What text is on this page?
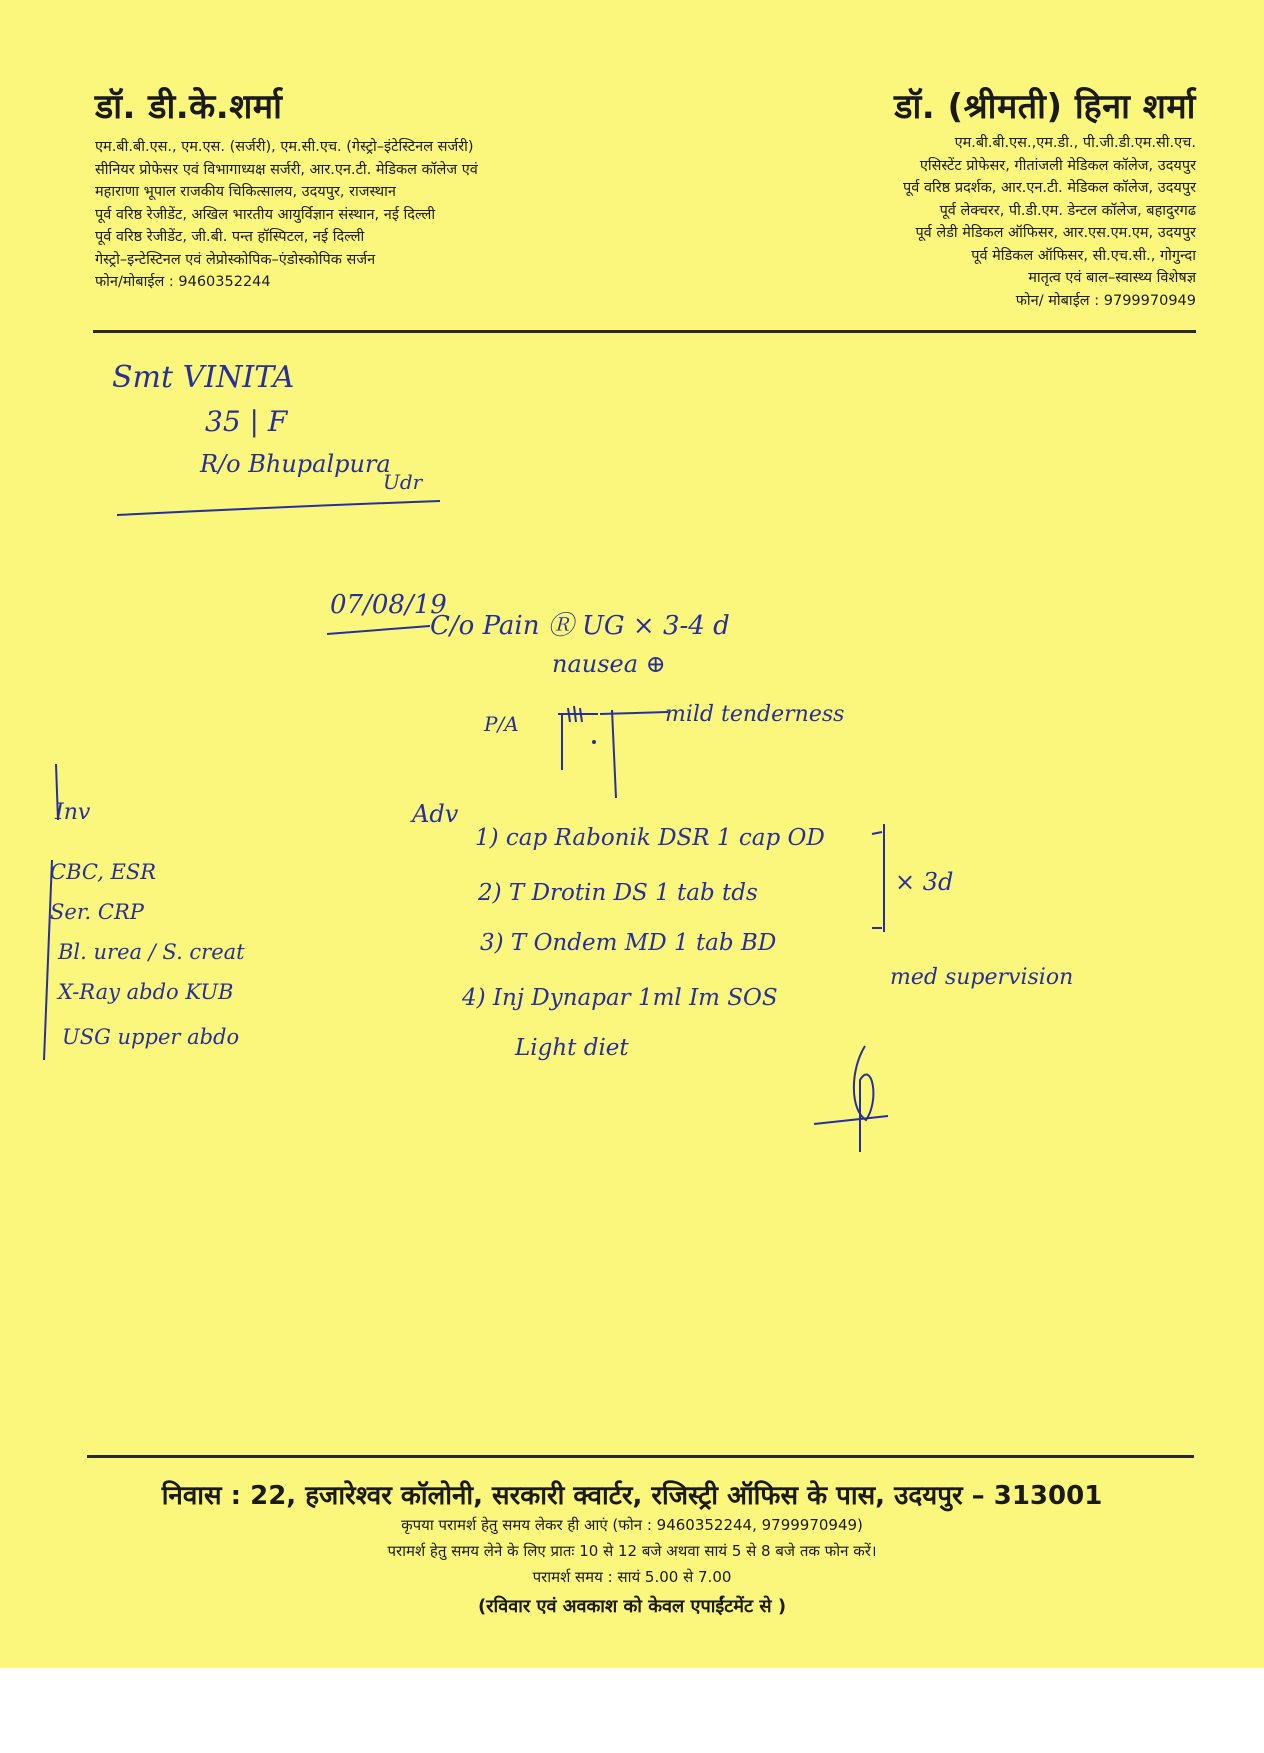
डॉ. डी.के.शर्मा
एम.बी.बी.एस., एम.एस. (सर्जरी), एम.सी.एच. (गेस्ट्रो–इंटेस्टिनल सर्जरी)
सीनियर प्रोफेसर एवं विभागाध्यक्ष सर्जरी, आर.एन.टी. मेडिकल कॉलेज एवं
महाराणा भूपाल राजकीय चिकित्सालय, उदयपुर, राजस्थान
पूर्व वरिष्ठ रेजीडेंट, अखिल भारतीय आयुर्विज्ञान संस्थान, नई दिल्ली
पूर्व वरिष्ठ रेजीडेंट, जी.बी. पन्त हॉस्पिटल, नई दिल्ली
गेस्ट्रो–इन्टेस्टिनल एवं लेप्रोस्कोपिक–एंडोस्कोपिक सर्जन
फोन/मोबाईल : 9460352244
डॉ. (श्रीमती) हिना शर्मा
एम.बी.बी.एस.,एम.डी., पी.जी.डी.एम.सी.एच.
एसिस्टेंट प्रोफेसर, गीतांजली मेडिकल कॉलेज, उदयपुर
पूर्व वरिष्ठ प्रदर्शक, आर.एन.टी. मेडिकल कॉलेज, उदयपुर
पूर्व लेक्चरर, पी.डी.एम. डेन्टल कॉलेज, बहादुरगढ
पूर्व लेडी मेडिकल ऑफिसर, आर.एस.एम.एम, उदयपुर
पूर्व मेडिकल ऑफिसर, सी.एच.सी., गोगुन्दा
मातृत्व एवं बाल–स्वास्थ्य विशेषज्ञ
फोन/ मोबाईल : 9799970949
Smt VINITA
35 | F
R/o Bhupalpura
Udr
07/08/19
C/o Pain Ⓡ UG × 3-4 d
nausea ⊕
P/A	mild tenderness
Inv
CBC, ESR
Ser. CRP
Bl. urea / S. creat
X-Ray abdo KUB
USG upper abdo
Adv
1) cap Rabonik DSR 1 cap OD
2) T Drotin DS 1 tab tds
3) T Ondem MD 1 tab BD
4) Inj Dynapar 1ml Im SOS
Light diet
× 3d
med supervision
निवास : 22, हजारेश्वर कॉलोनी, सरकारी क्वार्टर, रजिस्ट्री ऑफिस के पास, उदयपुर – 313001
कृपया परामर्श हेतु समय लेकर ही आएं (फोन : 9460352244, 9799970949)
परामर्श हेतु समय लेने के लिए प्रातः 10 से 12 बजे अथवा सायं 5 से 8 बजे तक फोन करें।
परामर्श समय : सायं 5.00 से 7.00
(रविवार एवं अवकाश को केवल एपाईंटमेंट से )
